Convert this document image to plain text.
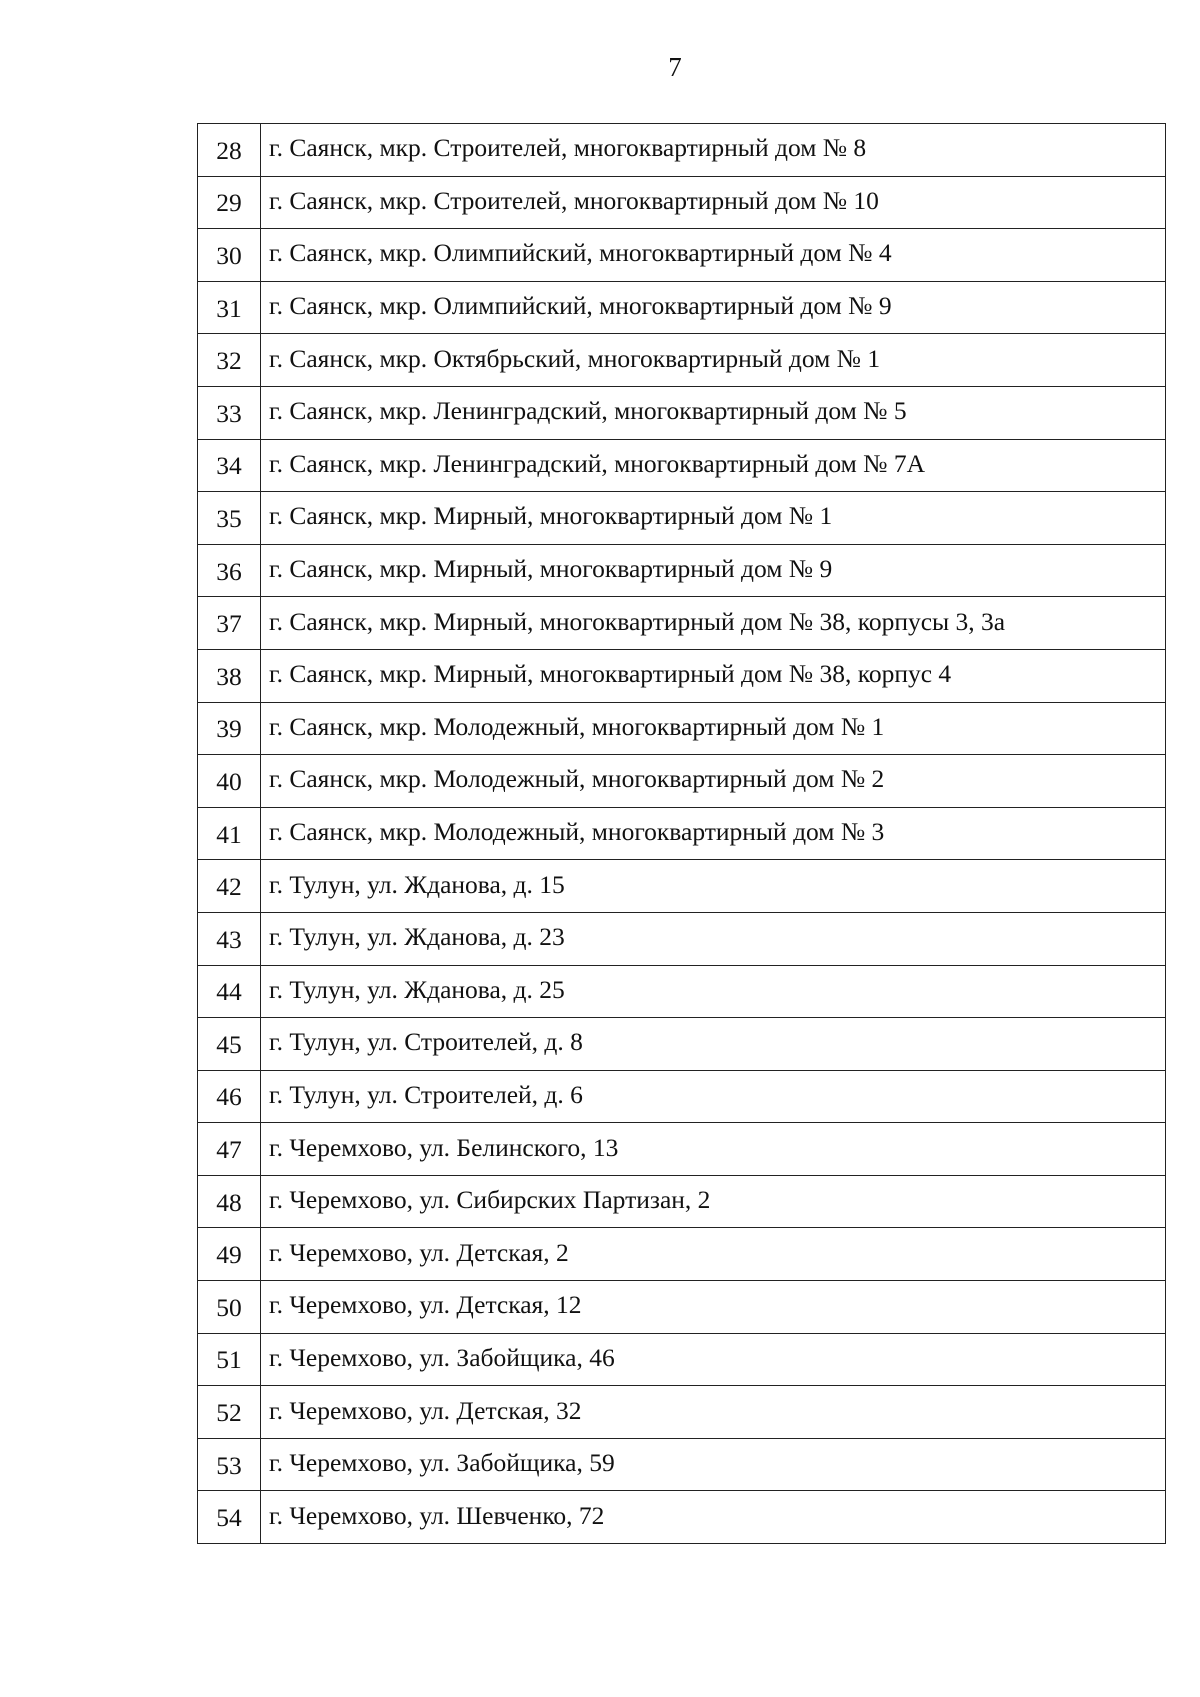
7
28	г. Саянск, мкр. Строителей, многоквартирный дом № 8
29	г. Саянск, мкр. Строителей, многоквартирный дом № 10
30	г. Саянск, мкр. Олимпийский, многоквартирный дом № 4
31	г. Саянск, мкр. Олимпийский, многоквартирный дом № 9
32	г. Саянск, мкр. Октябрьский, многоквартирный дом № 1
33	г. Саянск, мкр. Ленинградский, многоквартирный дом № 5
34	г. Саянск, мкр. Ленинградский, многоквартирный дом № 7А
35	г. Саянск, мкр. Мирный, многоквартирный дом № 1
36	г. Саянск, мкр. Мирный, многоквартирный дом № 9
37	г. Саянск, мкр. Мирный, многоквартирный дом № 38, корпусы 3, 3а
38	г. Саянск, мкр. Мирный, многоквартирный дом № 38, корпус 4
39	г. Саянск, мкр. Молодежный, многоквартирный дом № 1
40	г. Саянск, мкр. Молодежный, многоквартирный дом № 2
41	г. Саянск, мкр. Молодежный, многоквартирный дом № 3
42	г. Тулун, ул. Жданова, д. 15
43	г. Тулун, ул. Жданова, д. 23
44	г. Тулун, ул. Жданова, д. 25
45	г. Тулун, ул. Строителей, д. 8
46	г. Тулун, ул. Строителей, д. 6
47	г. Черемхово, ул. Белинского, 13
48	г. Черемхово, ул. Сибирских Партизан, 2
49	г. Черемхово, ул. Детская, 2
50	г. Черемхово, ул. Детская, 12
51	г. Черемхово, ул. Забойщика, 46
52	г. Черемхово, ул. Детская, 32
53	г. Черемхово, ул. Забойщика, 59
54	г. Черемхово, ул. Шевченко, 72
